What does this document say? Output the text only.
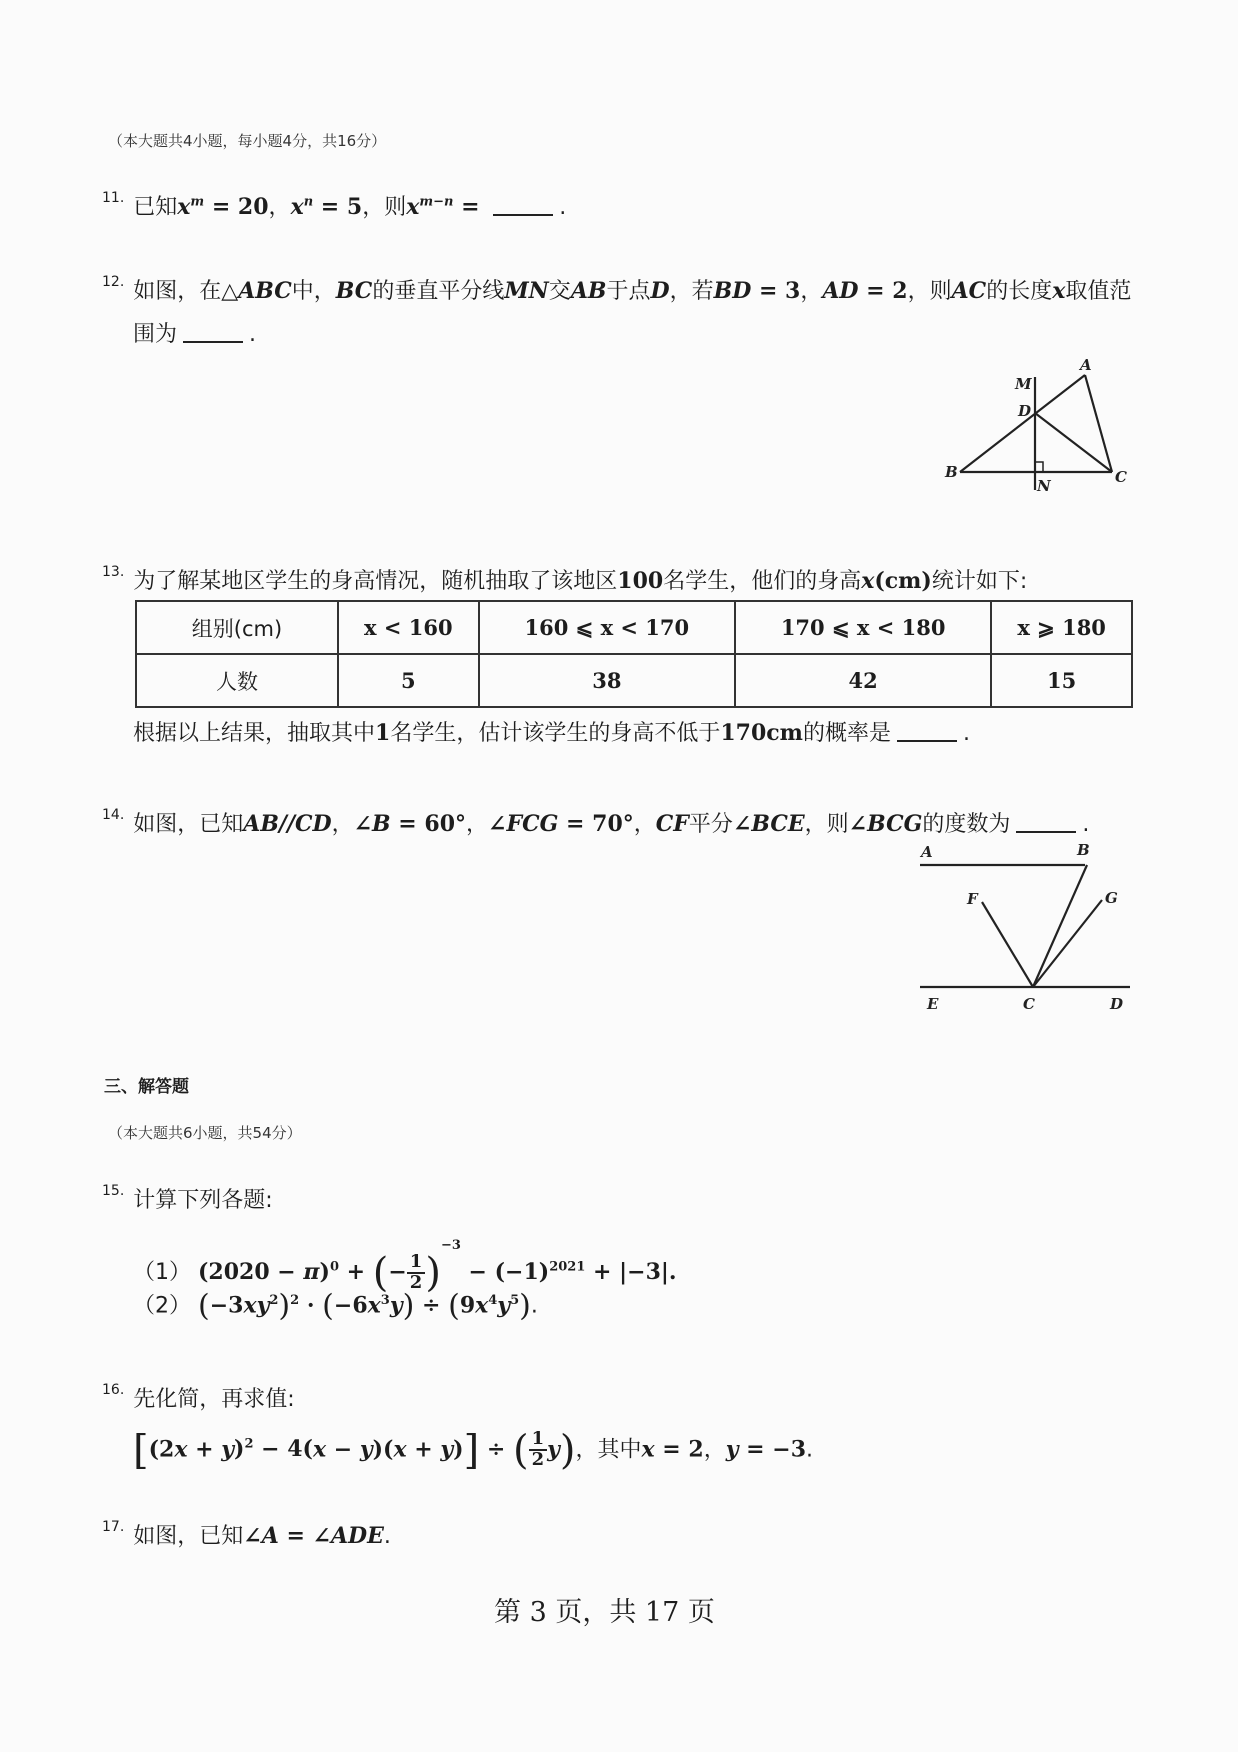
（本大题共4小题，每小题4分，共16分）
$^{11.}$ 已知$x^m = 20$，$x^n = 5$，则$x^{m-n}$ =	.
$^{12.}$ 如图，在△ABC中，BC的垂直平分线MN交AB于点D，若BD = 3，AD = 2，则AC的长度x取值范
围为	.
M
A
D
B
N	C
$^{13.}$ 为了解某地区学生的身高情况，随机抽取了该地区100名学生，他们的身高x(cm)统计如下:
组别(cm)	x < 160	160 ⩽ x < 170	170 ⩽ x < 180	x ⩾ 180
人数	5	38	42	15
根据以上结果，抽取其中1名学生，估计该学生的身高不低于170cm的概率是	.
$^{14.}$ 如图，已知AB//CD，∠B = 60°，∠FCG = 70°，CF平分∠BCE，则∠BCG的度数为	.
A	B
F	G
E	C	D
三、解答题
（本大题共6小题，共54分）
$^{15.}$ 计算下列各题:
（1） $(2020 - \pi)^0$ + (− $\frac{1}{2} )^{-3} - (-1)^{2021} + |-3|$.
（2） $(-3xy^2)^2 \cdot (-6x^3y) \div (9x^4y^5)$.
$^{16.}$ 先化简，再求值:
$[(2x + y)^2 - 4(x - y)(x + y)]$ ÷ ( $\frac{1}{2} y$)，其中x = 2，y = −3.
$^{17.}$ 如图，已知∠A = ∠ADE.
第 3 页，共 17 页
